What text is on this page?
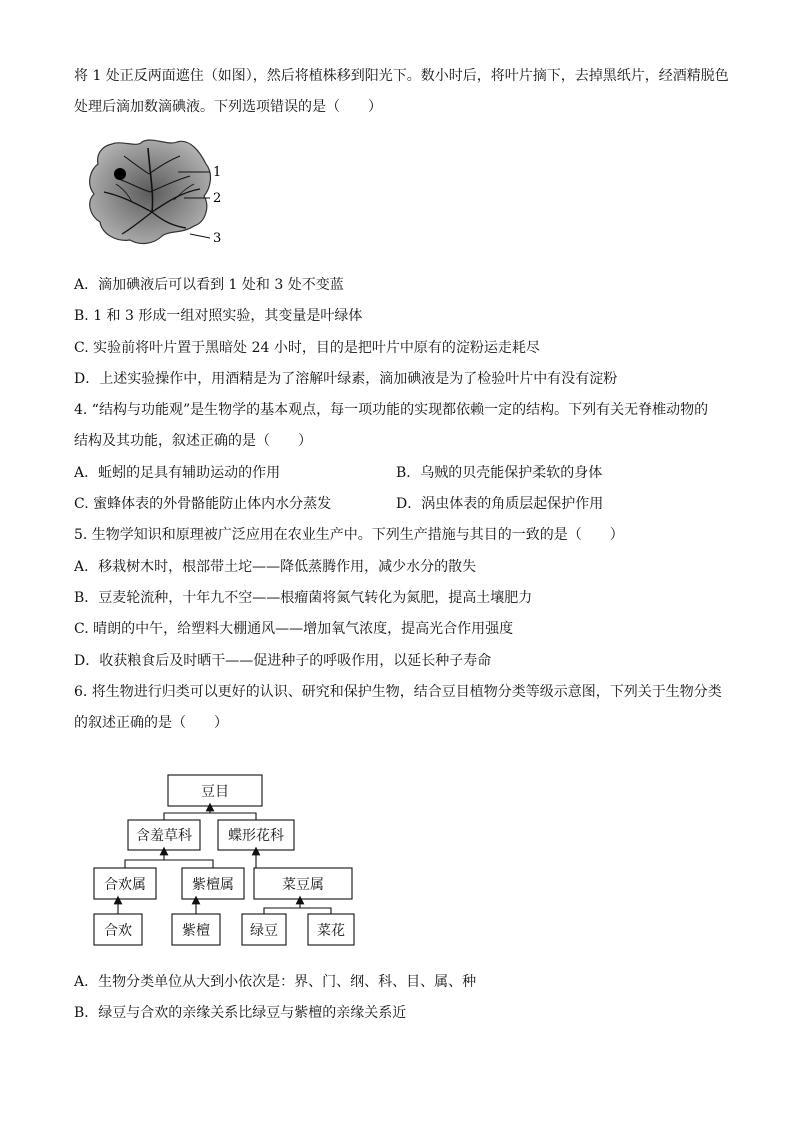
将 1 处正反两面遮住（如图），然后将植株移到阳光下。数小时后，将叶片摘下，去掉黑纸片，经酒精脱色
处理后滴加数滴碘液。下列选项错误的是（　　）
1
2
3
A．滴加碘液后可以看到 1 处和 3 处不变蓝
B. 1 和 3 形成一组对照实验，其变量是叶绿体
C. 实验前将叶片置于黑暗处 24 小时，目的是把叶片中原有的淀粉运走耗尽
D．上述实验操作中，用酒精是为了溶解叶绿素，滴加碘液是为了检验叶片中有没有淀粉
4. “结构与功能观”是生物学的基本观点，每一项功能的实现都依赖一定的结构。下列有关无脊椎动物的
结构及其功能，叙述正确的是（　　）
A．蚯蚓的足具有辅助运动的作用	B．乌贼的贝壳能保护柔软的身体
C. 蜜蜂体表的外骨骼能防止体内水分蒸发	D．涡虫体表的角质层起保护作用
5. 生物学知识和原理被广泛应用在农业生产中。下列生产措施与其目的一致的是（　　）
A．移栽树木时，根部带土坨——降低蒸腾作用，减少水分的散失
B．豆麦轮流种，十年九不空——根瘤菌将氮气转化为氮肥，提高土壤肥力
C. 晴朗的中午，给塑料大棚通风——增加氧气浓度，提高光合作用强度
D．收获粮食后及时晒干——促进种子的呼吸作用，以延长种子寿命
6. 将生物进行归类可以更好的认识、研究和保护生物，结合豆目植物分类等级示意图，下列关于生物分类
的叙述正确的是（　　）
豆目
含羞草科	蝶形花科
合欢属	紫檀属	菜豆属
合欢	紫檀	绿豆	菜花
A．生物分类单位从大到小依次是：界、门、纲、科、目、属、种
B．绿豆与合欢的亲缘关系比绿豆与紫檀的亲缘关系近
